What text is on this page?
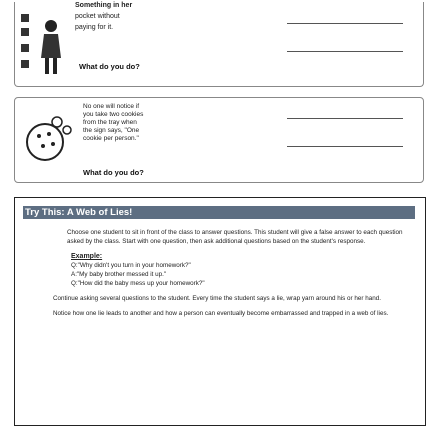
Something in her
pocket without
paying for it.
What do you do?
No one will notice if
you take two cookies
from the tray when
the sign says, "One
cookie per person."
What do you do?
Try This: A Web of Lies!

Choose one student to sit in front of the class to answer questions. This student will give a false answer to each question asked by the class. Start with one question, then ask additional questions based on the student's response.

Example:
Q:"Why didn't you turn in your homework?"
A:"My baby brother messed it up."
Q:"How did the baby mess up your homework?"

Continue asking several questions to the student. Every time the student says a lie, wrap yarn around his or her hand.

Notice how one lie leads to another and how a person can eventually become embarrassed and trapped in a web of lies.
